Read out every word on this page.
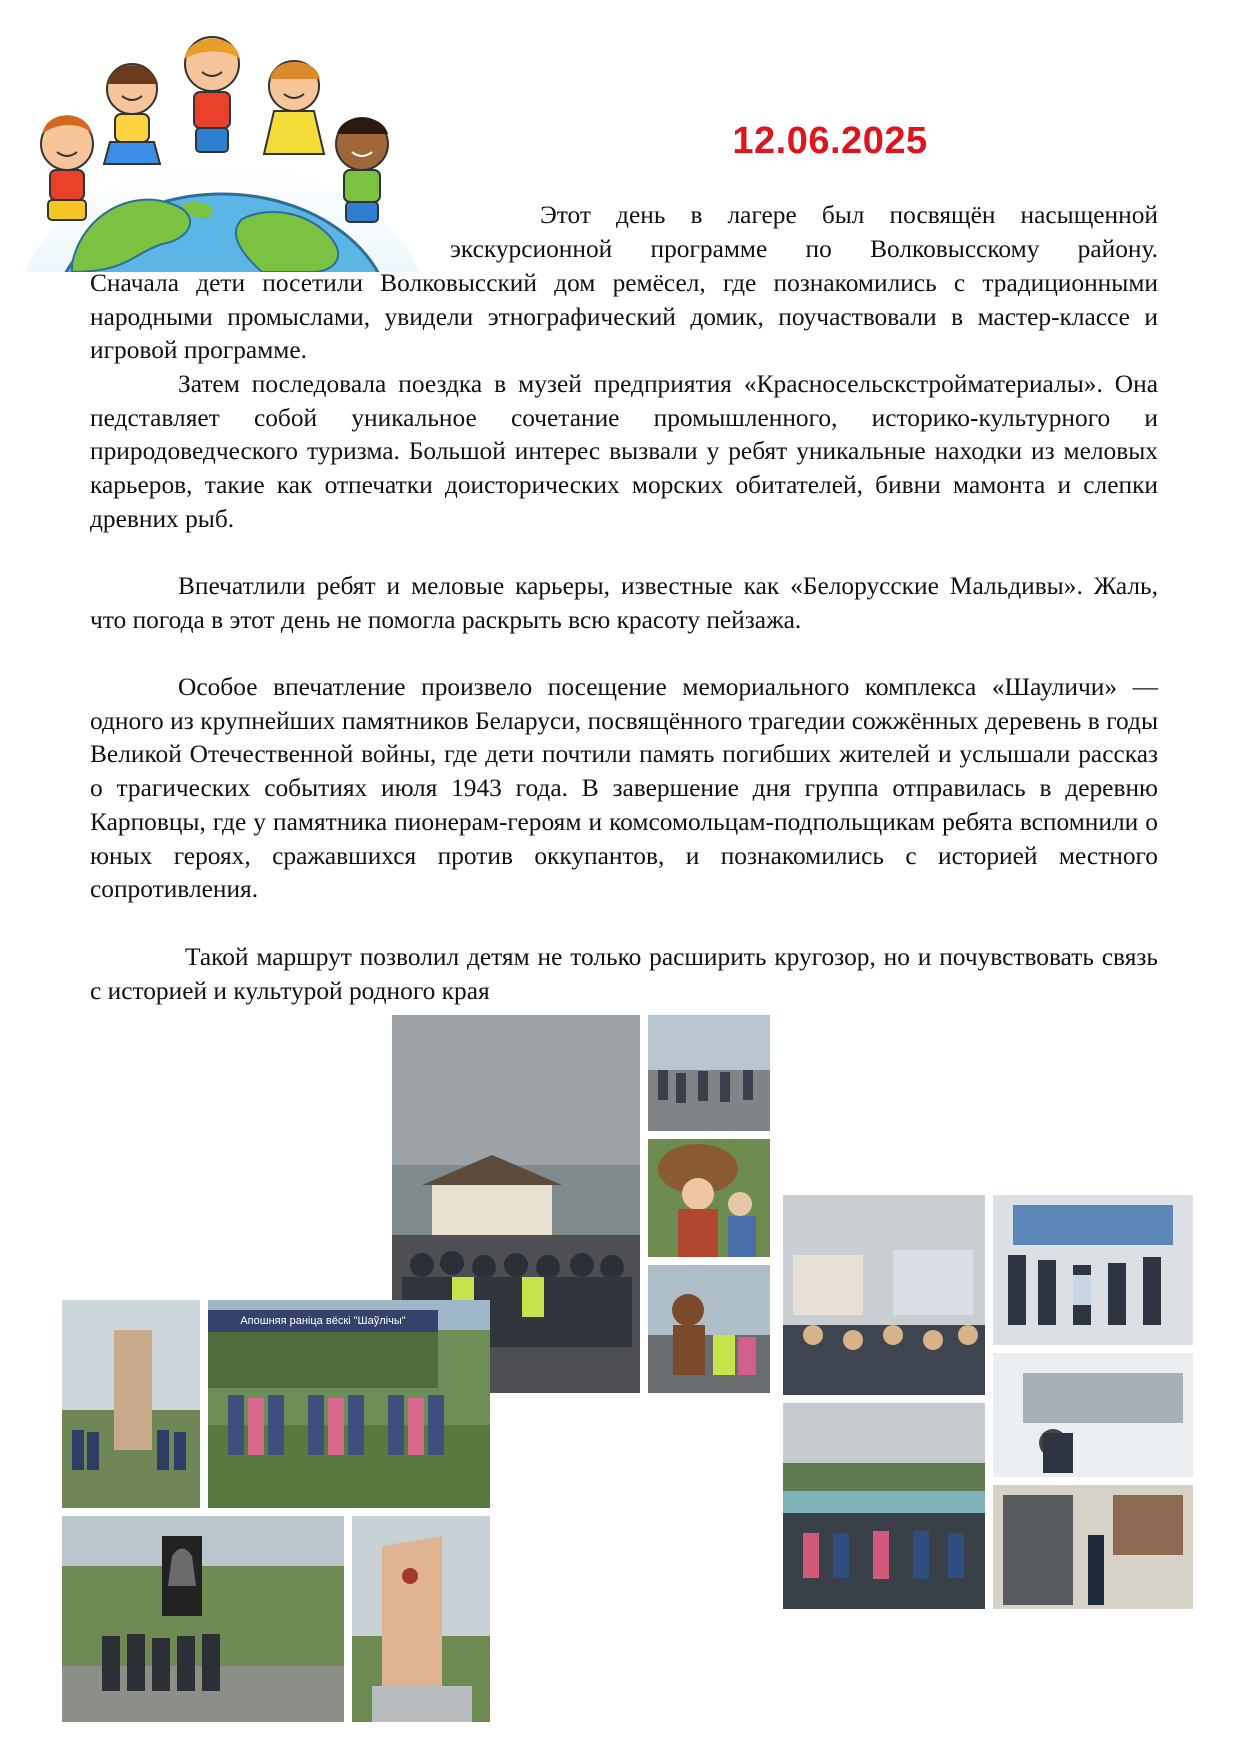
12.06.2025
Этот день в лагере был посвящён насыщенной экскурсионной программе по Волковысскому району.
Сначала дети посетили Волковысский дом ремёсел, где познакомились с традиционными народными промыслами, увидели этнографический домик, поучаствовали в мастер-классе и игровой программе.
Затем последовала поездка в музей предприятия «Красносельскстройматериалы». Она педставляет собой уникальное сочетание промышленного, историко-культурного и природоведческого туризма. Большой интерес вызвали у ребят уникальные находки из меловых карьеров, такие как отпечатки доисторических морских обитателей, бивни мамонта и слепки древних рыб.
Впечатлили ребят и меловые карьеры, известные как «Белорусские Мальдивы». Жаль, что погода в этот день не помогла раскрыть всю красоту пейзажа.
Особое впечатление произвело посещение мемориального комплекса «Шауличи» — одного из крупнейших памятников Беларуси, посвящённого трагедии сожжённых деревень в годы Великой Отечественной войны, где дети почтили память погибших жителей и услышали рассказ о трагических событиях июля 1943 года. В завершение дня группа отправилась в деревню Карповцы, где у памятника пионерам-героям и комсомольцам-подпольщикам ребята вспомнили о юных героях, сражавшихся против оккупантов, и познакомились с историей местного сопротивления.
Такой маршрут позволил детям не только расширить кругозор, но и почувствовать связь с историей и культурой родного края
Апошняя раніца вёскі "Шаўлічы"
